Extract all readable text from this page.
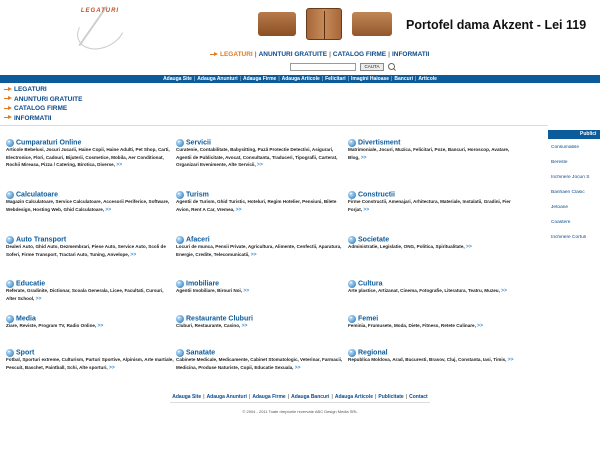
LEGATURI
Portofel dama Akzent - Lei 119
LEGATURI | ANUNTURI GRATUITE | CATALOG FIRME | INFORMATII
CAUTA
Adauga Site | Adauga Anunturi | Adauga Firme | Adauga Articole | Felicitari | Imagini Haioase | Bancuri | Articole
LEGATURI
ANUNTURI GRATUITE
CATALOG FIRME
INFORMATII
Cumparaturi Online
Articole Bebelusi, Jocuri Jucarii, Haine Copii, Haine Adulti, Pet Shop, Carti, Electronice, Flori, Cadouri, Bijuterii, Cosmetice, Mobila, Aer Conditionat, Rochii Mireasa, Pizza / Catering, Birotica, Diverse, >>
Servicii
Curatenie, Contabilitate, Babysitting, Pază Protectie Detectivi, Asigurari, Agentii de Publicitate, Avocat, Consultanta, Traduceri, Tipografii, Carterat, Organizari Evenimente, Alte Servicii, >>
Divertisment
Matrimoniale, Jocuri, Muzica, Felicitari, Poze, Bancuri, Horoscop, Avatare, Blog, >>
Calculatoare
Magazin Calculatoare, Service Calculatoare, Accesorii Periferice, Software, Webdesign, Hosting Web, Ghid Calculatoare, >>
Turism
Agentii de Turism, Ghid Turistic, Hoteluri, Regim Hotelier, Pensiuni, Bilete Avion, Rent A Car, Vremea, >>
Constructii
Firme Constructii, Amenajari, Arhitectura, Materiale, Instalatii, Gradini, Fier Forjat, >>
Auto Transport
Dealeri Auto, Ghid Auto, Dezmembrari, Piese Auto, Service Auto, Scoli de Soferi, Firme Transport, Tractari Auto, Tuning, Anvelope, >>
Afaceri
Locuri de munca, Pensii Private, Agricultura, Alimente, Cenfectii, Aparatura, Energie, Credite, Telecomunicatii, >>
Societate
Administratie, Legislatie, ONG, Politica, Spiritualitate, >>
Educatie
Referate, Gradinite, Dictionar, Scoala Generala, Licee, Facultati, Cursuri, Alter School, >>
Imobiliare
Agentii Imobiliare, Birouri Noi, >>
Cultura
Arte plastice, Artizanat, Cinema, Fotografie, Literatura, Teatru, Muzeu, >>
Media
Ziare, Reviste, Program TV, Radio Online, >>
Restaurante Cluburi
Cluburi, Restaurante, Casino, >>
Femei
Feminia, Frumusete, Moda, Diete, Fitness, Retete Culinare, >>
Sport
Fotbal, Sporturi extreme, Culturism, Parturi Sportive, Alpinism, Arte martiale, Pescuit, Baschet, Paintball, Schi, Alte sporturi, >>
Sanatate
Cabinete Medicale, Medicamente, Cabinet Stomatologic, Veterinar, Farmacii, Medicina, Produse Naturiste, Copii, Educatie Sexuala, >>
Regional
Republica Moldova, Arad, Bucuresti, Brasov, Cluj, Constanta, Iasi, Timis, >>
Publici
Consumabile
Bereste
Inchiriere Jocuri S
Banhaeri Clasic
Jetoane
Coastere
Inchiriere Cortuli
Adauga Site | Adauga Anunturi | Adauga Firme | Adauga Bancuri | Adauga Articole | Publicitate | Contact
© 2004 - 2011 Toate drepturile rezervate ABC Design Media SRL
